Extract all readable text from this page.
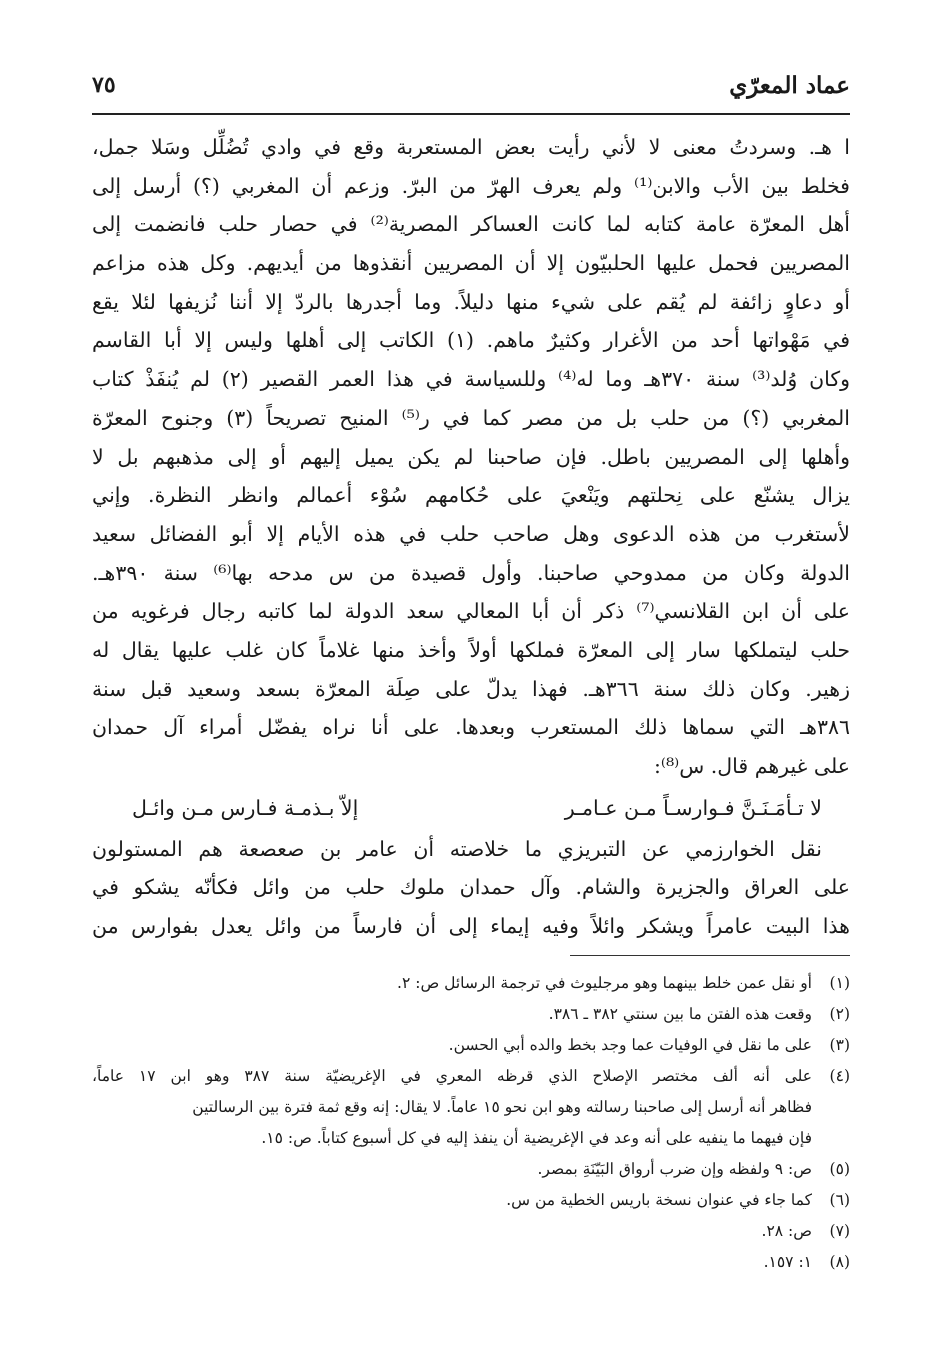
عماد المعرّي
٧٥
ا هـ. وسردتُ معنى لا لأني رأيت بعض المستعربة وقع في وادي تُضُلِّل وسَلا جمل،
فخلط بين الأب والابن⁽¹⁾ ولم يعرف الهرّ من البرّ. وزعم أن المغربي (؟) أرسل إلى
أهل المعرّة عامة كتابه لما كانت العساكر المصرية⁽²⁾ في حصار حلب فانضمت إلى
المصريين فحمل عليها الحلبيّون إلا أن المصريين أنقذوها من أيديهم. وكل هذه مزاعم
أو دعاوٍ زائفة لم يُقم على شيء منها دليلاً. وما أجدرها بالردّ إلا أننا نُزيفها لئلا يقع
في مَهْواتها أحد من الأغرار وكثيرٌ ماهم. (١) الكاتب إلى أهلها وليس إلا أبا القاسم
وكان وُلد⁽³⁾ سنة ٣٧٠هـ وما له⁽⁴⁾ وللسياسة في هذا العمر القصير (٢) لم يُنفَذْ كتاب
المغربي (؟) من حلب بل من مصر كما في ر⁽⁵⁾ المنيح تصريحاً (٣) وجنوح المعرّة
وأهلها إلى المصريين باطل. فإن صاحبنا لم يكن يميل إليهم أو إلى مذهبهم بل لا
يزال يشنّع على نِحلتهم ويَنْعيَ على حُكامهم سُوْء أعمالم وانظر النظرة. وإني
لأستغرب من هذه الدعوى وهل صاحب حلب في هذه الأيام إلا أبو الفضائل سعيد
الدولة وكان من ممدوحي صاحبنا. وأول قصيدة من س مدحه بها⁽⁶⁾ سنة ٣٩٠هـ.
على أن ابن القلانسي⁽⁷⁾ ذكر أن أبا المعالي سعد الدولة لما كاتبه رجال فرغويه من
حلب ليتملكها سار إلى المعرّة فملكها أولاً وأخذ منها غلاماً كان غلب عليها يقال له
زهير. وكان ذلك سنة ٣٦٦هـ. فهذا يدلّ على صِلَة المعرّة بسعد وسعيد قبل سنة
٣٨٦هـ التي سماها ذلك المستعرب وبعدها. على أنا نراه يفضّل أمراء آل حمدان
على غيرهم قال. س⁽⁸⁾:
لا تـأمَـنَـنَّ فـوارسـاً مـن عـامـر
إلاّ بـذمـة فـارس مـن وائـل
نقل الخوارزمي عن التبريزي ما خلاصته أن عامر بن صعصعة هم المستولون
على العراق والجزيرة والشام. وآل حمدان ملوك حلب من وائل فكأنّه يشكو في
هذا البيت عامراً ويشكر وائلاً وفيه إيماء إلى أن فارساً من وائل يعدل بفوارس من
(١)
أو نقل عمن خلط بينهما وهو مرجليوث في ترجمة الرسائل ص: ٢.
(٢)
وقعت هذه الفتن ما بين سنتي ٣٨٢ ـ ٣٨٦.
(٣)
على ما نقل في الوفيات عما وجد بخط والده أبي الحسن.
(٤)
على أنه ألف مختصر الإصلاح الذي قرظه المعري في الإغريضيّة سنة ٣٨٧ وهو ابن ١٧ عاماً،
فظاهر أنه أرسل إلى صاحبنا رسالته وهو ابن نحو ١٥ عاماً. لا يقال: إنه وقع ثمة فترة بين الرسالتين
فإن فيهما ما ينفيه على أنه وعد في الإغريضية أن ينفذ إليه في كل أسبوع كتاباً. ص: ١٥.
(٥)
ص: ٩ ولفظه وإن ضرب أرواق البَيّنَةِ بمصر.
(٦)
كما جاء في عنوان نسخة باريس الخطية من س.
(٧)
ص: ٢٨.
(٨)
١: ١٥٧.
